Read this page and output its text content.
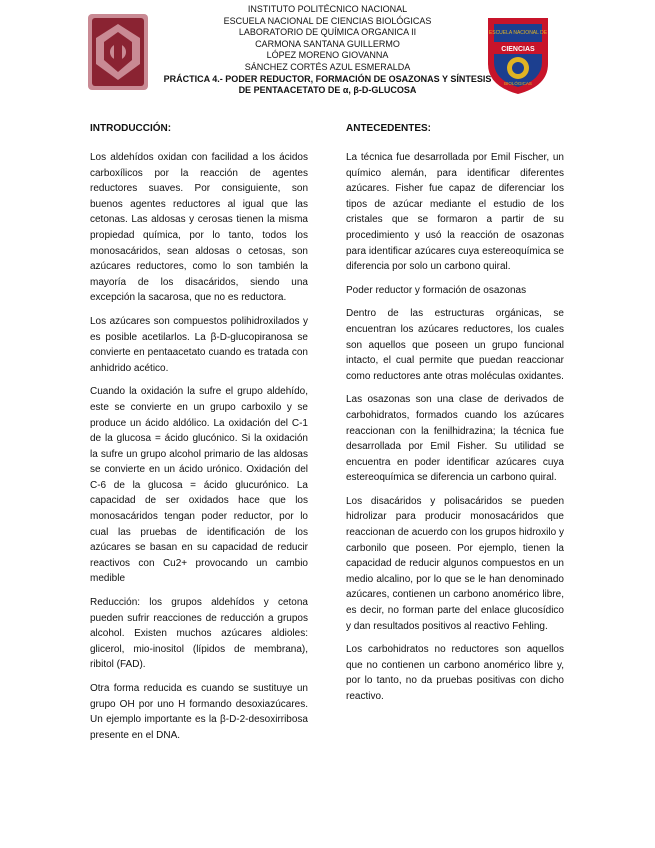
INSTITUTO POLITÉCNICO NACIONAL
ESCUELA NACIONAL DE CIENCIAS BIOLÓGICAS
LABORATORIO DE QUÍMICA ORGANICA II
CARMONA SANTANA GUILLERMO
LÓPEZ MORENO GIOVANNA
SÁNCHEZ CORTÉS AZUL ESMERALDA
PRÁCTICA 4.- PODER REDUCTOR, FORMACIÓN DE OSAZONAS Y SÍNTESIS
DE PENTAACETATO DE α, β-D-GLUCOSA
ESCUELA NACIONAL DE
CIENCIAS
BIOLÓGICAS
INTRODUCCIÓN:

Los aldehídos oxidan con facilidad a los ácidos carboxílicos por la reacción de agentes reductores suaves. Por consiguiente, son buenos agentes reductores al igual que las cetonas. Las aldosas y cerosas tienen la misma propiedad química, por lo tanto, todos los monosacáridos, sean aldosas o cetosas, son azúcares reductores, como lo son también la mayoría de los disacáridos, siendo una excepción la sacarosa, que no es reductora.

Los azúcares son compuestos polihidroxilados y es posible acetilarlos. La β-D-glucopiranosa se convierte en pentaacetato cuando es tratada con anhidrido acético.

Cuando la oxidación la sufre el grupo aldehído, este se convierte en un grupo carboxilo y se produce un ácido aldólico. La oxidación del C-1 de la glucosa = ácido glucónico. Si la oxidación la sufre un grupo alcohol primario de las aldosas se convierte en un ácido urónico. Oxidación del C-6 de la glucosa = ácido glucurónico. La capacidad de ser oxidados hace que los monosacáridos tengan poder reductor, por lo cual las pruebas de identificación de los azúcares se basan en su capacidad de reducir reactivos con Cu2+ provocando un cambio medible

Reducción: los grupos aldehídos y cetona pueden sufrir reacciones de reducción a grupos alcohol. Existen muchos azúcares aldioles: glicerol, mio-inositol (lípidos de membrana), ribitol (FAD).

Otra forma reducida es cuando se sustituye un grupo OH por uno H formando desoxiazúcares. Un ejemplo importante es la β-D-2-desoxirribosa presente en el DNA.

ANTECEDENTES:

La técnica fue desarrollada por Emil Fischer, un químico alemán, para identificar diferentes azúcares. Fisher fue capaz de diferenciar los tipos de azúcar mediante el estudio de los cristales que se formaron a partir de su procedimiento y usó la reacción de osazonas para identificar azúcares cuya estereoquímica se diferencia por solo un carbono quiral.

Poder reductor y formación de osazonas

Dentro de las estructuras orgánicas, se encuentran los azúcares reductores, los cuales son aquellos que poseen un grupo funcional intacto, el cual permite que puedan reaccionar como reductores ante otras moléculas oxidantes.

Las osazonas son una clase de derivados de carbohidratos, formados cuando los azúcares reaccionan con la fenilhidrazina; la técnica fue desarrollada por Emil Fisher. Su utilidad se encuentra en poder identificar azúcares cuya estereoquímica se diferencia un carbono quiral.

Los disacáridos y polisacáridos se pueden hidrolizar para producir monosacáridos que reaccionan de acuerdo con los grupos hidroxilo y carbonilo que poseen. Por ejemplo, tienen la capacidad de reducir algunos compuestos en un medio alcalino, por lo que se le han denominado azúcares, contienen un carbono anomérico libre, es decir, no forman parte del enlace glucosídico y dan resultados positivos al reactivo Fehling.

Los carbohidratos no reductores son aquellos que no contienen un carbono anomérico libre y, por lo tanto, no da pruebas positivas con dicho reactivo.
